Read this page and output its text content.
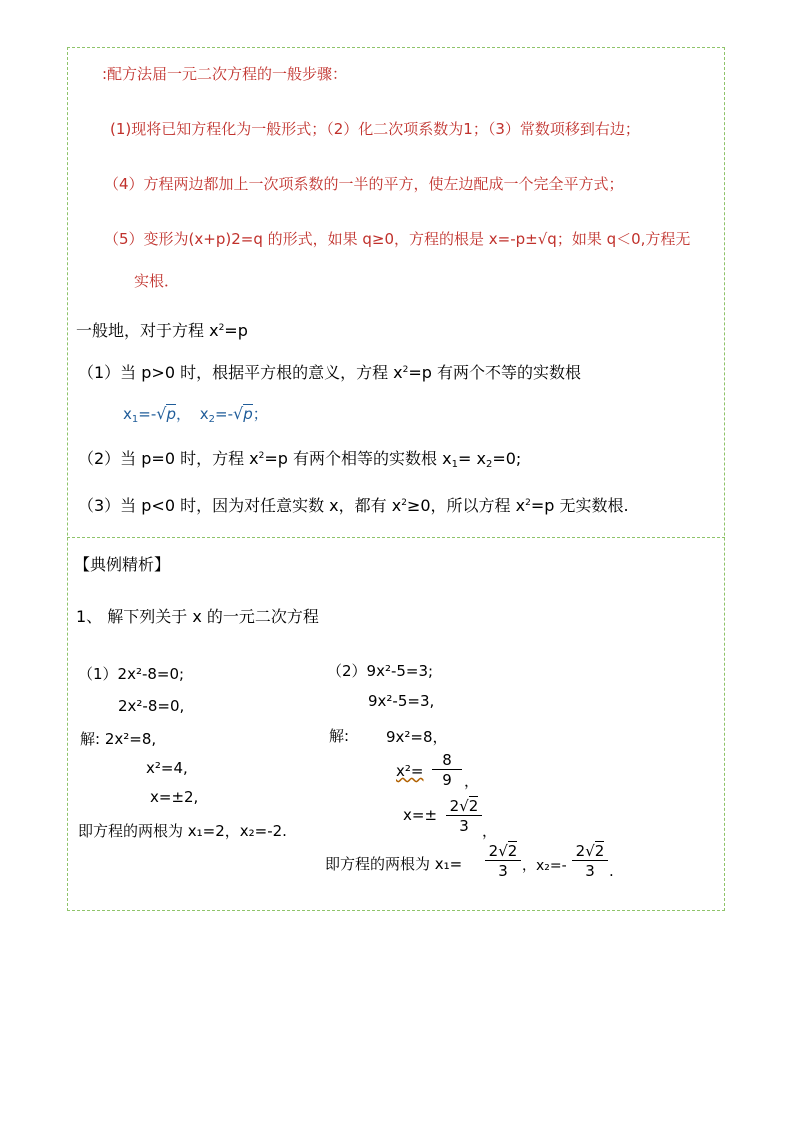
:配方法届一元二次方程的一般步骤：
(1)现将已知方程化为一般形式；（2）化二次项系数为1；（3）常数项移到右边；
（4）方程两边都加上一次项系数的一半的平方，使左边配成一个完全平方式；
（5）变形为(x+p)2=q 的形式，如果 q≥0，方程的根是 x=-p±√q；如果 q＜0,方程无
实根．
一般地，对于方程 $x^2=p$
（1）当 p>0 时，根据平方根的意义，方程 $x^2=p$ 有两个不等的实数根
$x_1=-√p$， $x_2=-√p$；
（2）当 p=0 时，方程 $x^2=p$ 有两个相等的实数根 $x_1= x_2=0$;
（3）当 p<0 时，因为对任意实数 x，都有 $x^2\ge 0$，所以方程 $x^2=p$ 无实数根.
【典例精析】
1、 解下列关于 x 的一元二次方程
（1）2x²-8=0;
2x²-8=0,
解: 2x²=8,
x²=4,
x=±2,
即方程的两根为 x₁=2，x₂=-2.
（2）9x²-5=3;
9x²-5=3,
解: 9x²=8，
$x^2= \frac{8}{9}$ ，
$x=\pm \frac{2√2}{3}$ ，
即方程的两根为 $x_1= \frac{2√2}{3}$ ，$x_2=- \frac{2√2}{3}$ .
